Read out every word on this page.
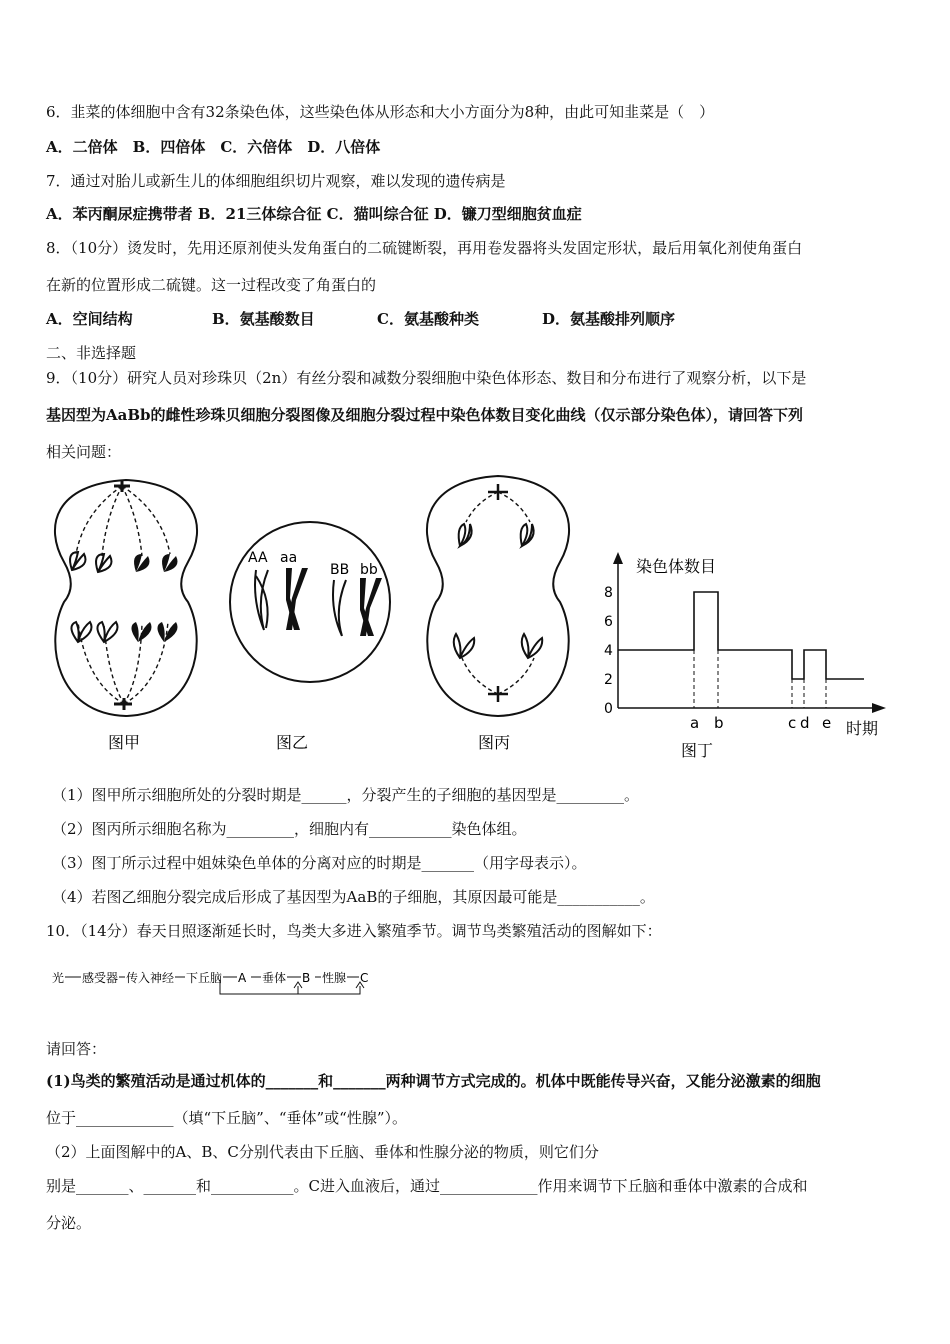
6．韭菜的体细胞中含有32条染色体，这些染色体从形态和大小方面分为8种，由此可知韭菜是（　）
A．二倍体　B．四倍体　C．六倍体　D．八倍体
7．通过对胎儿或新生儿的体细胞组织切片观察，难以发现的遗传病是
A．苯丙酮尿症携带者 B．21三体综合征 C．猫叫综合征 D．镰刀型细胞贫血症
8．（10分）烫发时，先用还原剂使头发角蛋白的二硫键断裂，再用卷发器将头发固定形状，最后用氧化剂使角蛋白
在新的位置形成二硫键。这一过程改变了角蛋白的
A．空间结构	B．氨基酸数目	C．氨基酸种类	D．氨基酸排列顺序
二、非选择题
9．（10分）研究人员对珍珠贝（2n）有丝分裂和减数分裂细胞中染色体形态、数目和分布进行了观察分析，以下是
基因型为AaBb的雌性珍珠贝细胞分裂图像及细胞分裂过程中染色体数目变化曲线（仅示部分染色体），请回答下列
相关问题：
图甲
AA aa
BB bb
图乙	图丙
染色体数目
时期
图丁
0
2
4
6
8
a b	c d e
（1）图甲所示细胞所处的分裂时期是______，分裂产生的子细胞的基因型是_________。
（2）图丙所示细胞名称为_________，细胞内有___________染色体组。
（3）图丁所示过程中姐妹染色单体的分离对应的时期是_______（用字母表示）。
（4）若图乙细胞分裂完成后形成了基因型为AaB的子细胞，其原因最可能是___________。
10．（14分）春天日照逐渐延长时，鸟类大多进入繁殖季节。调节鸟类繁殖活动的图解如下：
光 感受器 传入神经 下丘脑 A 垂体 B 性腺 C
请回答：
(1)鸟类的繁殖活动是通过机体的_______和_______两种调节方式完成的。机体中既能传导兴奋，又能分泌激素的细胞
位于_____________（填“下丘脑”、“垂体”或“性腺”）。
（2）上面图解中的A、B、C分别代表由下丘脑、垂体和性腺分泌的物质，则它们分
别是_______、_______和___________。C进入血液后，通过_____________作用来调节下丘脑和垂体中激素的合成和
分泌。
